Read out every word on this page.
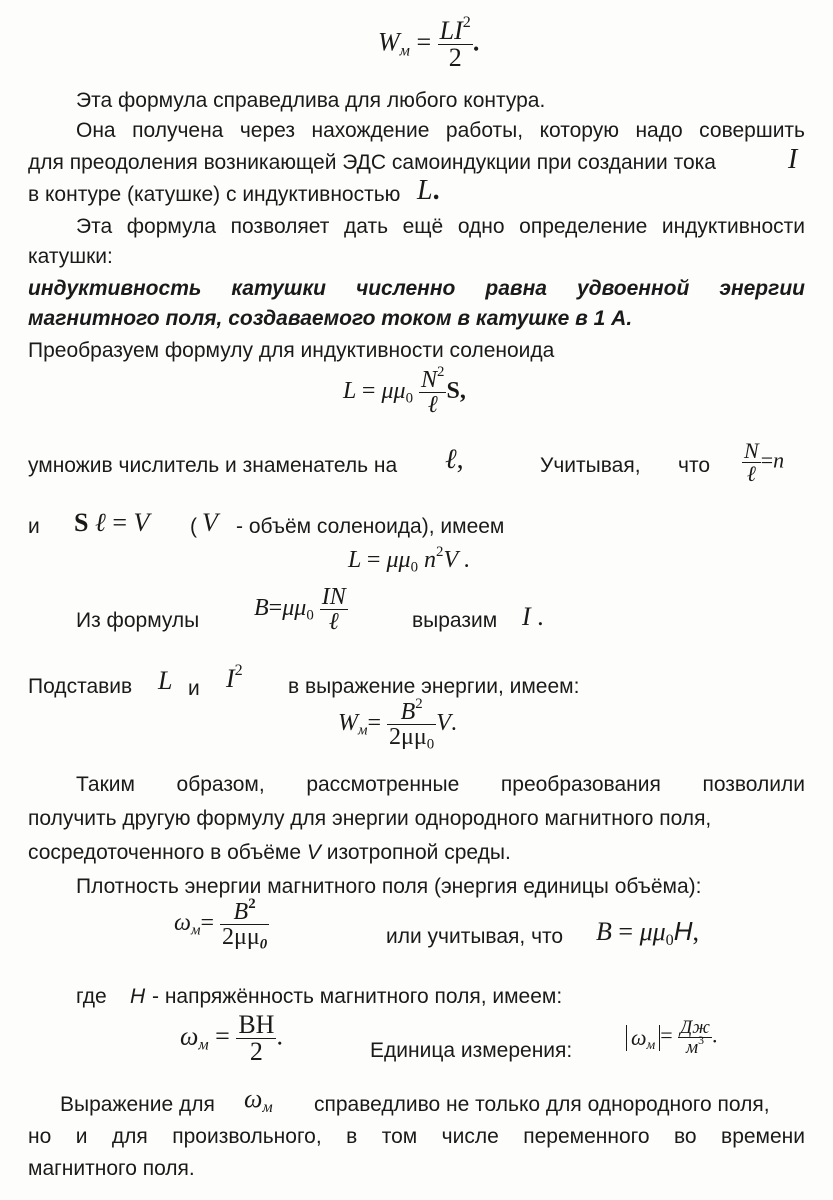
$W_м = \frac{LI^2}{2}$ .
Эта формула справедлива для любого контура.
Она получена через нахождение работы, которую надо совершить
для преодоления возникающей ЭДС самоиндукции при создании тока	I
в контуре (катушке) с индуктивностью L.
Эта формула позволяет дать ещё одно определение индуктивности
катушки:
индуктивность катушки численно равна удвоенной энергии
магнитного поля, создаваемого током в катушке в 1 А.
Преобразуем формулу для индуктивности соленоида
$L = \mu\mu_0 \frac{N^2}{\text{ℓ}} S$,
умножив числитель и знаменатель на ℓ,	Учитывая, что $\frac{N}{\text{ℓ}} =n$
и S ℓ = V ( V - объём соленоида), имеем
$L = \mu\mu_0$ $n^2V$ .
Из формулы $B=\mu\mu_0 \frac{IN}{\text{ℓ}}$	выразим I .
Подставив L и $I^2$
в выражение энергии, имеем:
$W_м= \frac{B^2}{2\mu\mu_0} V$.
Таким образом, рассмотренные преобразования позволили
получить другую формулу для энергии однородного магнитного поля,
сосредоточенного в объёме V изотропной среды.
Плотность энергии магнитного поля (энергия единицы объёма):
$\omega_м= \frac{B^2}{2\mu\mu_0}$	или учитывая, что $B = \mu\mu_0H$,
где H - напряжённость магнитного поля, имеем:
$\omega_м = \frac{BH}{2}$ .
Единица измерения:
$\omega_м = \frac{Дж}{м^3}$ .
Выражение для $\omega_м$ справедливо не только для однородного поля,
но и для произвольного, в том числе переменного во времени
магнитного поля.
